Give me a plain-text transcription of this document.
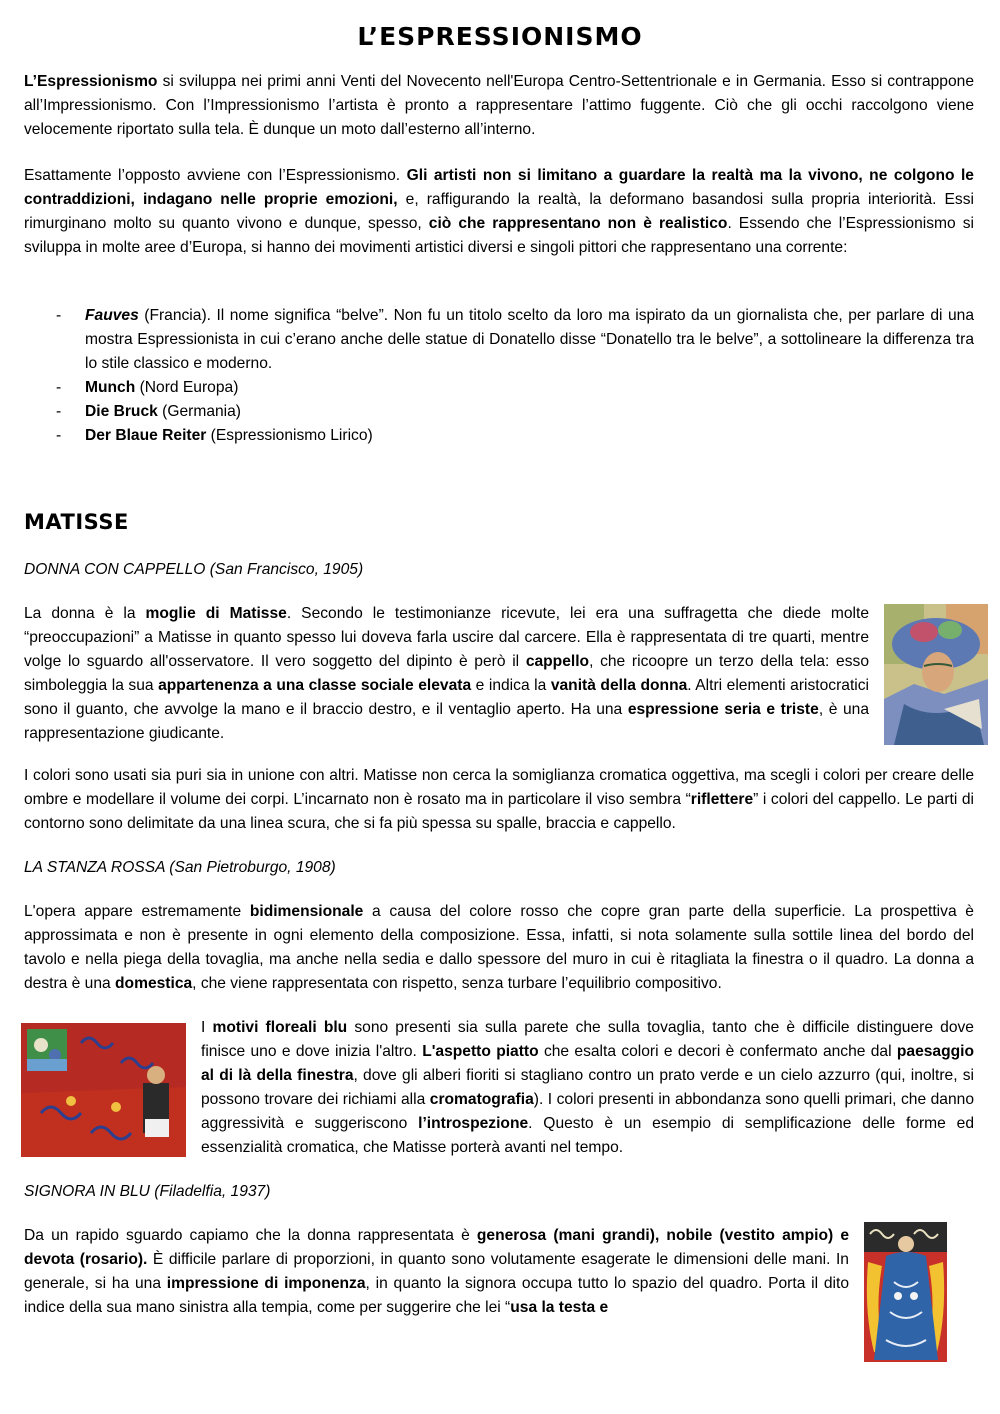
L’ESPRESSIONISMO

L’Espressionismo si sviluppa nei primi anni Venti del Novecento nell'Europa Centro-Settentrionale e in Germania. Esso si contrappone all’Impressionismo. Con l’Impressionismo l’artista è pronto a rappresentare l’attimo fuggente. Ciò che gli occhi raccolgono viene velocemente riportato sulla tela. È dunque un moto dall’esterno all’interno.

Esattamente l’opposto avviene con l’Espressionismo. Gli artisti non si limitano a guardare la realtà ma la vivono, ne colgono le contraddizioni, indagano nelle proprie emozioni, e, raffigurando la realtà, la deformano basandosi sulla propria interiorità. Essi rimurginano molto su quanto vivono e dunque, spesso, ciò che rappresentano non è realistico. Essendo che l’Espressionismo si sviluppa in molte aree d’Europa, si hanno dei movimenti artistici diversi e singoli pittori che rappresentano una corrente:

- Fauves (Francia). Il nome significa “belve”. Non fu un titolo scelto da loro ma ispirato da un giornalista che, per parlare di una mostra Espressionista in cui c’erano anche delle statue di Donatello disse “Donatello tra le belve”, a sottolineare la differenza tra lo stile classico e moderno.
- Munch (Nord Europa)
- Die Bruck (Germania)
- Der Blaue Reiter (Espressionismo Lirico)
MATISSE

DONNA CON CAPPELLO (San Francisco, 1905)

La donna è la moglie di Matisse. Secondo le testimonianze ricevute, lei era una suffragetta che diede molte “preoccupazioni” a Matisse in quanto spesso lui doveva farla uscire dal carcere. Ella è rappresentata di tre quarti, mentre volge lo sguardo all'osservatore. Il vero soggetto del dipinto è però il cappello, che ricoopre un terzo della tela: esso simboleggia la sua appartenenza a una classe sociale elevata e indica la vanità della donna. Altri elementi aristocratici sono il guanto, che avvolge la mano e il braccio destro, e il ventaglio aperto. Ha una espressione seria e triste, è una rappresentazione giudicante.

I colori sono usati sia puri sia in unione con altri. Matisse non cerca la somiglianza cromatica oggettiva, ma scegli i colori per creare delle ombre e modellare il volume dei corpi. L’incarnato non è rosato ma in particolare il viso sembra “riflettere” i colori del cappello. Le parti di contorno sono delimitate da una linea scura, che si fa più spessa su spalle, braccia e cappello.

LA STANZA ROSSA (San Pietroburgo, 1908)

L'opera appare estremamente bidimensionale a causa del colore rosso che copre gran parte della superficie. La prospettiva è approssimata e non è presente in ogni elemento della composizione. Essa, infatti, si nota solamente sulla sottile linea del bordo del tavolo e nella piega della tovaglia, ma anche nella sedia e dallo spessore del muro in cui è ritagliata la finestra o il quadro. La donna a destra è una domestica, che viene rappresentata con rispetto, senza turbare l’equilibrio compositivo.

I motivi floreali blu sono presenti sia sulla parete che sulla tovaglia, tanto che è difficile distinguere dove finisce uno e dove inizia l'altro. L'aspetto piatto che esalta colori e decori è confermato anche dal paesaggio al di là della finestra, dove gli alberi fioriti si stagliano contro un prato verde e un cielo azzurro (qui, inoltre, si possono trovare dei richiami alla cromatografia). I colori presenti in abbondanza sono quelli primari, che danno aggressività e suggeriscono l’introspezione. Questo è un esempio di semplificazione delle forme ed essenzialità cromatica, che Matisse porterà avanti nel tempo.

SIGNORA IN BLU (Filadelfia, 1937)

Da un rapido sguardo capiamo che la donna rappresentata è generosa (mani grandi), nobile (vestito ampio) e devota (rosario). È difficile parlare di proporzioni, in quanto sono volutamente esagerate le dimensioni delle mani. In generale, si ha una impressione di imponenza, in quanto la signora occupa tutto lo spazio del quadro. Porta il dito indice della sua mano sinistra alla tempia, come per suggerire che lei “usa la testa e
